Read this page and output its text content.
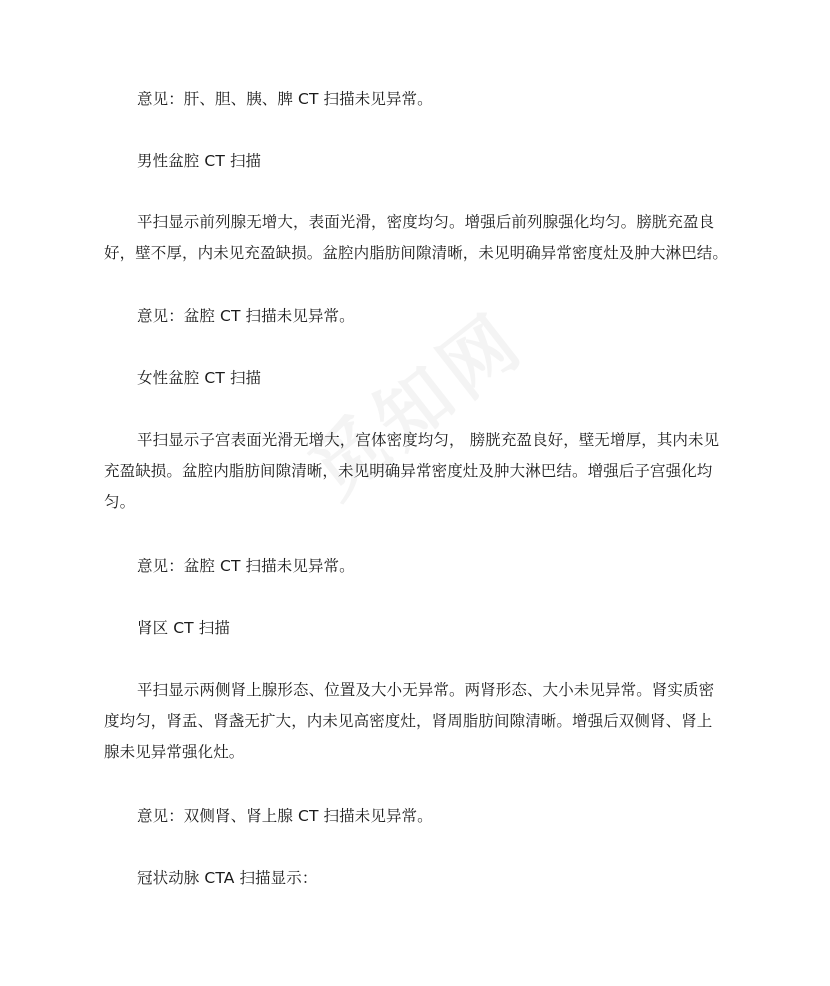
意见：肝、胆、胰、脾 CT 扫描未见异常。

男性盆腔 CT 扫描

平扫显示前列腺无增大，表面光滑，密度均匀。增强后前列腺强化均匀。膀胱充盈良
好，壁不厚，内未见充盈缺损。盆腔内脂肪间隙清晰，未见明确异常密度灶及肿大淋巴结。

意见：盆腔 CT 扫描未见异常。

女性盆腔 CT 扫描

平扫显示子宫表面光滑无增大，宫体密度均匀， 膀胱充盈良好，壁无增厚，其内未见
充盈缺损。盆腔内脂肪间隙清晰，未见明确异常密度灶及肿大淋巴结。增强后子宫强化均
匀。

意见：盆腔 CT 扫描未见异常。

肾区 CT 扫描

平扫显示两侧肾上腺形态、位置及大小无异常。两肾形态、大小未见异常。肾实质密
度均匀，肾盂、肾盏无扩大，内未见高密度灶，肾周脂肪间隙清晰。增强后双侧肾、肾上
腺未见异常强化灶。

意见：双侧肾、肾上腺 CT 扫描未见异常。

冠状动脉 CTA 扫描显示：
